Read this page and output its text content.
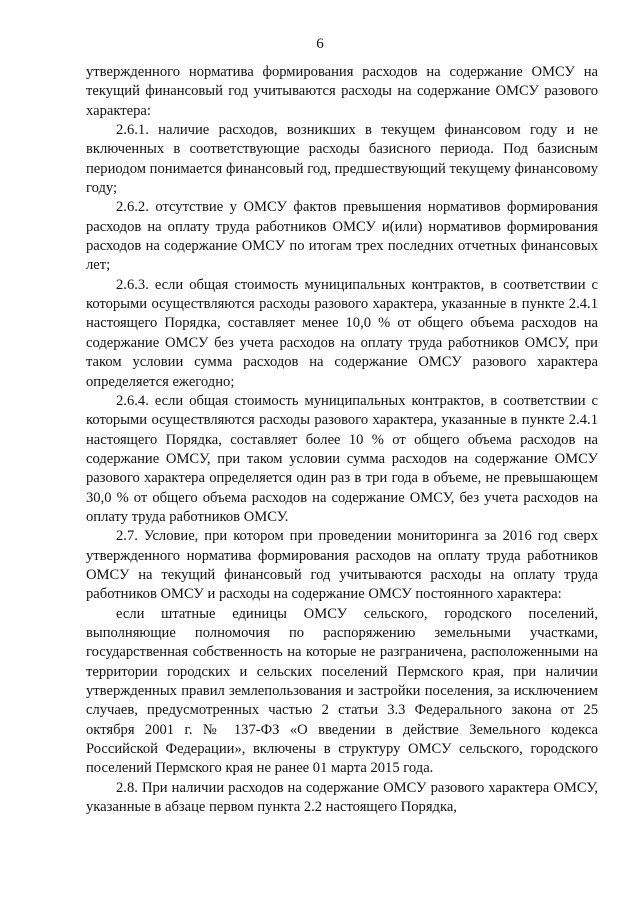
6

утвержденного норматива формирования расходов на содержание ОМСУ на текущий финансовый год учитываются расходы на содержание ОМСУ разового характера:

2.6.1. наличие расходов, возникших в текущем финансовом году и не включенных в соответствующие расходы базисного периода. Под базисным периодом понимается финансовый год, предшествующий текущему финансовому году;

2.6.2. отсутствие у ОМСУ фактов превышения нормативов формирования расходов на оплату труда работников ОМСУ и(или) нормативов формирования расходов на содержание ОМСУ по итогам трех последних отчетных финансовых лет;

2.6.3. если общая стоимость муниципальных контрактов, в соответствии с которыми осуществляются расходы разового характера, указанные в пункте 2.4.1 настоящего Порядка, составляет менее 10,0 % от общего объема расходов на содержание ОМСУ без учета расходов на оплату труда работников ОМСУ, при таком условии сумма расходов на содержание ОМСУ разового характера определяется ежегодно;

2.6.4. если общая стоимость муниципальных контрактов, в соответствии с которыми осуществляются расходы разового характера, указанные в пункте 2.4.1 настоящего Порядка, составляет более 10 % от общего объема расходов на содержание ОМСУ, при таком условии сумма расходов на содержание ОМСУ разового характера определяется один раз в три года в объеме, не превышающем 30,0 % от общего объема расходов на содержание ОМСУ, без учета расходов на оплату труда работников ОМСУ.

2.7. Условие, при котором при проведении мониторинга за 2016 год сверх утвержденного норматива формирования расходов на оплату труда работников ОМСУ на текущий финансовый год учитываются расходы на оплату труда работников ОМСУ и расходы на содержание ОМСУ постоянного характера:

если штатные единицы ОМСУ сельского, городского поселений, выполняющие полномочия по распоряжению земельными участками, государственная собственность на которые не разграничена, расположенными на территории городских и сельских поселений Пермского края, при наличии утвержденных правил землепользования и застройки поселения, за исключением случаев, предусмотренных частью 2 статьи 3.3 Федерального закона от 25 октября 2001 г. № 137-ФЗ «О введении в действие Земельного кодекса Российской Федерации», включены в структуру ОМСУ сельского, городского поселений Пермского края не ранее 01 марта 2015 года.

2.8. При наличии расходов на содержание ОМСУ разового характера ОМСУ, указанные в абзаце первом пункта 2.2 настоящего Порядка,
